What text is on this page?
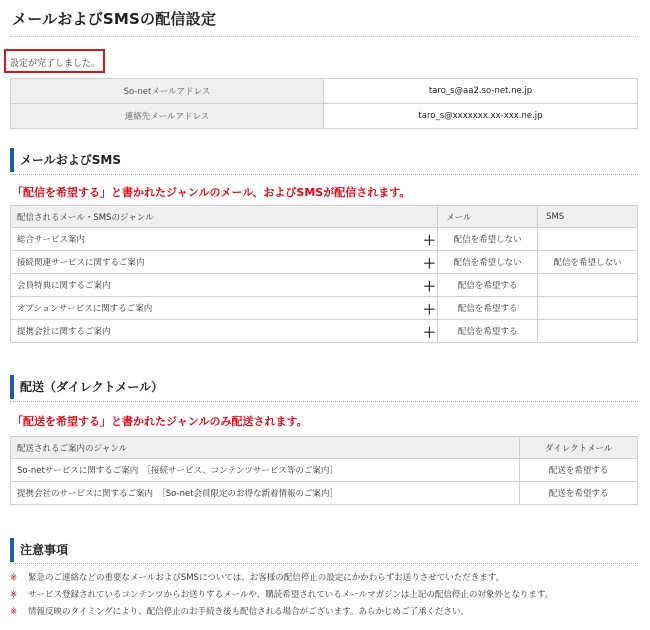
メールおよびSMSの配信設定
設定が完了しました。
So-netメールアドレス	taro_s@aa2.so-net.ne.jp
連絡先メールアドレス	taro_s@xxxxxxx.xx-xxx.ne.jp
メールおよびSMS
「配信を希望する」と書かれたジャンルのメール、およびSMSが配信されます。
配信されるメール・SMSのジャンル		メール	SMS
総合サービス案内	＋	配信を希望しない	
接続関連サービスに関するご案内	＋	配信を希望しない	配信を希望しない
会員特典に関するご案内	＋	配信を希望する	
オプションサービスに関するご案内	＋	配信を希望する	
提携会社に関するご案内	＋	配信を希望する	
配送（ダイレクトメール）
「配送を希望する」と書かれたジャンルのみ配送されます。
配送されるご案内のジャンル	ダイレクトメール
So-netサービスに関するご案内　［接続サービス、コンテンツサービス等のご案内］	配送を希望する
提携会社のサービスに関するご案内　［So-net会員限定のお得な新着情報のご案内］	配送を希望する
注意事項
※ 緊急のご連絡などの重要なメールおよびSMSについては、お客様の配信停止の設定にかかわらずお送りさせていただきます。
※ サービス登録されているコンテンツからお送りするメールや、購読希望されているメールマガジンは上記の配信停止の対象外となります。
※ 情報反映のタイミングにより、配信停止のお手続き後も配信される場合がございます。あらかじめご了承ください。
